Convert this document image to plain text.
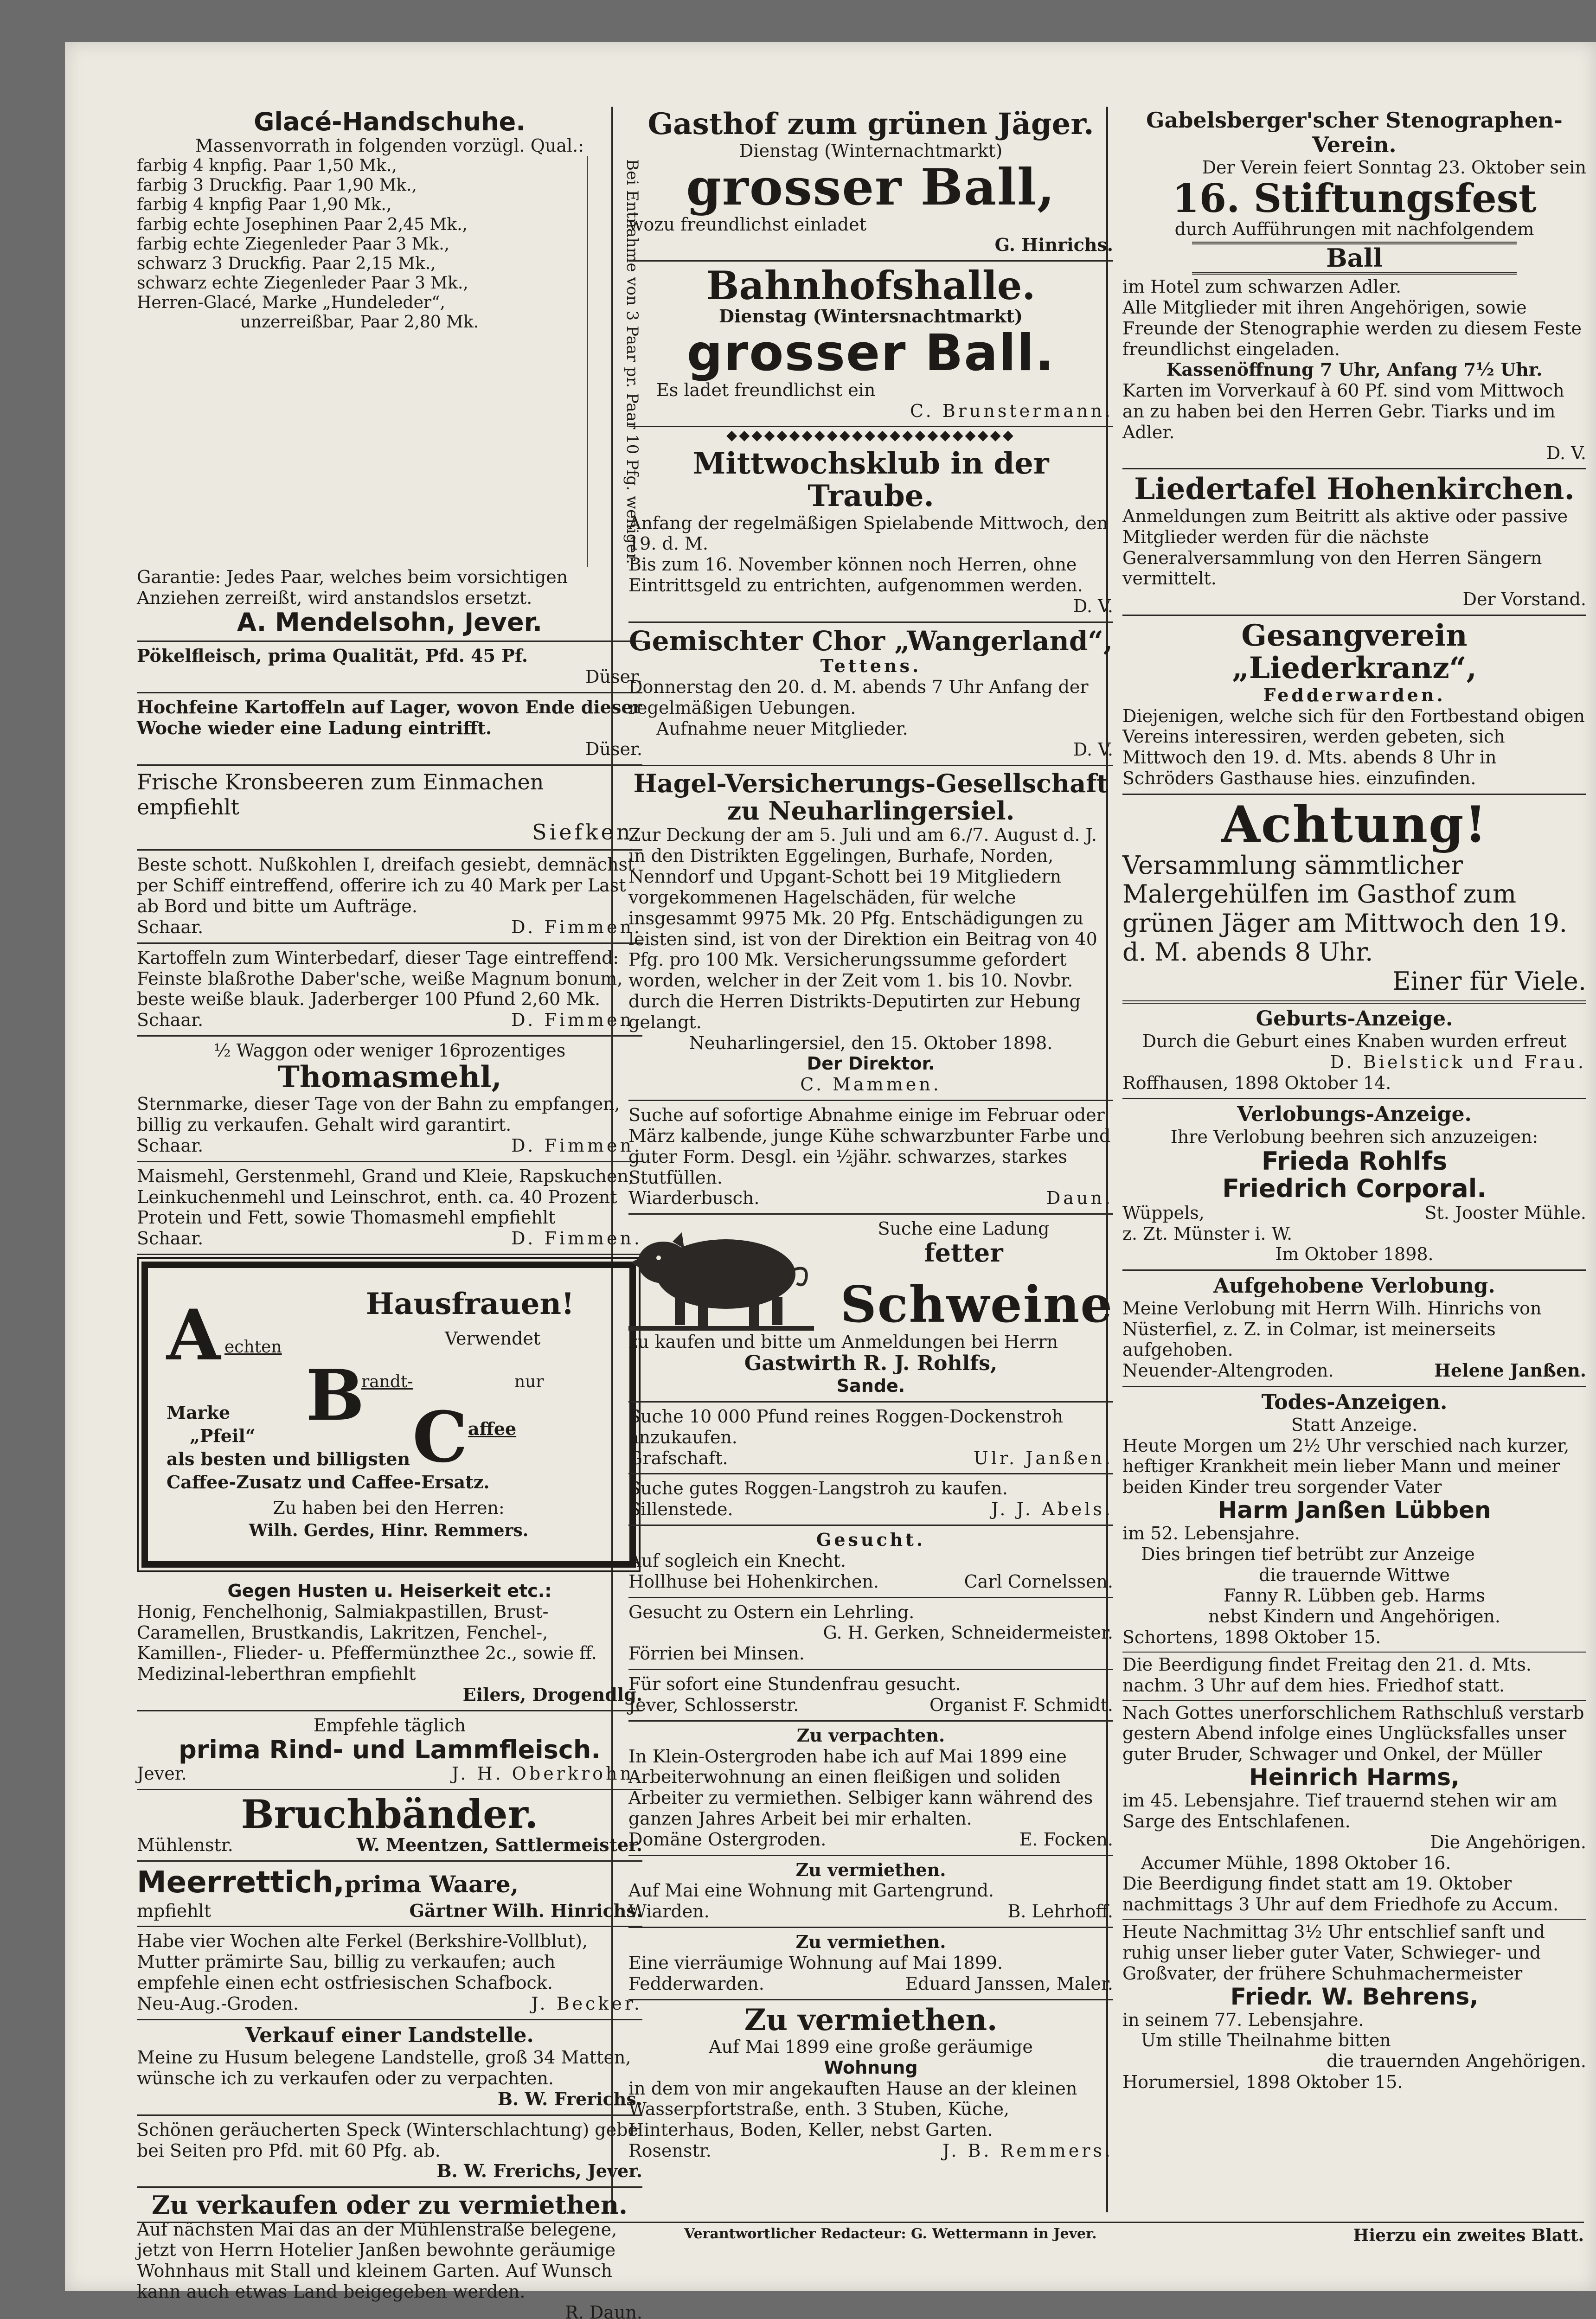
Glacé-Handschuhe.
Massenvorrath in folgenden vorzügl. Qual.:
farbig 4 knpfig. Paar 1,50 Mk.,
farbig 3 Druckfig. Paar 1,90 Mk.,
farbig 4 knpfig Paar 1,90 Mk.,
farbig echte Josephinen Paar 2,45 Mk.,
farbig echte Ziegenleder Paar 3 Mk.,
schwarz 3 Druckfig. Paar 2,15 Mk.,
schwarz echte Ziegenleder Paar 3 Mk.,
Herren-Glacé, Marke „Hundeleder“,
unzerreißbar, Paar 2,80 Mk.	Bei Entnahme von 3 Paar pr. Paar 10 Pfg. weniger.
Garantie: Jedes Paar, welches beim vorsichtigen Anziehen zerreißt, wird anstandslos ersetzt.
A. Mendelsohn, Jever.
Pökelfleisch, prima Qualität, Pfd. 45 Pf.
Düser.
Hochfeine Kartoffeln auf Lager, wovon Ende dieser Woche wieder eine Ladung eintrifft.
Düser.
Frische Kronsbeeren zum Einmachen empfiehlt
Siefken.
Beste schott. Nußkohlen I, dreifach gesiebt, demnächst per Schiff eintreffend, offerire ich zu 40 Mark per Last ab Bord und bitte um Aufträge.
Schaar.	D. Fimmen.
Kartoffeln zum Winterbedarf, dieser Tage eintreffend: Feinste blaßrothe Daber'sche, weiße Magnum bonum, beste weiße blauk. Jaderberger 100 Pfund 2,60 Mk.
Schaar.	D. Fimmen.
½ Waggon oder weniger 16prozentiges
Thomasmehl,
Sternmarke, dieser Tage von der Bahn zu empfangen, billig zu verkaufen. Gehalt wird garantirt.
Schaar.	D. Fimmen.
Maismehl, Gerstenmehl, Grand und Kleie, Rapskuchen, Leinkuchenmehl und Leinschrot, enth. ca. 40 Prozent Protein und Fett, sowie Thomasmehl empfiehlt
Schaar.	D. Fimmen.
A echten
Hausfrauen!
Verwendet
B
randt-	nur
C affee
Marke
„Pfeil“
als besten und billigsten
Caffee-Zusatz und Caffee-Ersatz.
Zu haben bei den Herren:
Wilh. Gerdes, Hinr. Remmers.
Gegen Husten u. Heiserkeit etc.:
Honig, Fenchelhonig, Salmiakpastillen, Brust-Caramellen, Brustkandis, Lakritzen, Fenchel-, Kamillen-, Flieder- u. Pfeffermünzthee 2c., sowie ff. Medizinal-leberthran empfiehlt
Eilers, Drogendlg.
Empfehle täglich
prima Rind- und Lammfleisch.
Jever.	J. H. Oberkrohn.
Bruchbänder.
Mühlenstr.	W. Meentzen, Sattlermeister.
Meerrettich,prima Waare,
mpfiehlt	Gärtner Wilh. Hinrichs.
Habe vier Wochen alte Ferkel (Berkshire-Vollblut), Mutter prämirte Sau, billig zu verkaufen; auch empfehle einen echt ostfriesischen Schafbock.
Neu-Aug.-Groden.	J. Becker.
Verkauf einer Landstelle.
Meine zu Husum belegene Landstelle, groß 34 Matten, wünsche ich zu verkaufen oder zu verpachten.
B. W. Frerichs.
Schönen geräucherten Speck (Winterschlachtung) gebe bei Seiten pro Pfd. mit 60 Pfg. ab.
B. W. Frerichs, Jever.
Zu verkaufen oder zu vermiethen.
Auf nächsten Mai das an der Mühlenstraße belegene, jetzt von Herrn Hotelier Janßen bewohnte geräumige Wohnhaus mit Stall und kleinem Garten. Auf Wunsch kann auch etwas Land beigegeben werden.
R. Daun.
Gasthof zum grünen Jäger.
Dienstag (Winternachtmarkt)
grosser Ball,
wozu freundlichst einladet
G. Hinrichs.
Bahnhofshalle.
Dienstag (Wintersnachtmarkt)
grosser Ball.
Es ladet freundlichst ein
C. Brunstermann.
◆◆◆◆◆◆◆◆◆◆◆◆◆◆◆◆◆◆◆◆◆◆◆
Mittwochsklub in der Traube.
Anfang der regelmäßigen Spielabende Mittwoch, den 19. d. M.
Bis zum 16. November können noch Herren, ohne Eintrittsgeld zu entrichten, aufgenommen werden.
D. V.
Gemischter Chor „Wangerland“,
Tettens.
Donnerstag den 20. d. M. abends 7 Uhr Anfang der regelmäßigen Uebungen.
Aufnahme neuer Mitglieder.
D. V.
Hagel-Versicherungs-Gesellschaft zu Neuharlingersiel.
Zur Deckung der am 5. Juli und am 6./7. August d. J. in den Distrikten Eggelingen, Burhafe, Norden, Nenndorf und Upgant-Schott bei 19 Mitgliedern vorgekommenen Hagelschäden, für welche insgesammt 9975 Mk. 20 Pfg. Entschädigungen zu leisten sind, ist von der Direktion ein Beitrag von 40 Pfg. pro 100 Mk. Versicherungssumme gefordert worden, welcher in der Zeit vom 1. bis 10. Novbr. durch die Herren Distrikts-Deputirten zur Hebung gelangt.
Neuharlingersiel, den 15. Oktober 1898.
Der Direktor.
C. Mammen.
Suche auf sofortige Abnahme einige im Februar oder März kalbende, junge Kühe schwarzbunter Farbe und guter Form. Desgl. ein ½jähr. schwarzes, starkes Stutfüllen.
Wiarderbusch.	Daun.
Suche eine Ladung
fetter
Schweine
zu kaufen und bitte um Anmeldungen bei Herrn
Gastwirth R. J. Rohlfs,
Sande.
Suche 10 000 Pfund reines Roggen-Dockenstroh anzukaufen.
Grafschaft.	Ulr. Janßen.
Suche gutes Roggen-Langstroh zu kaufen.
Sillenstede.	J. J. Abels.
Gesucht.
Auf sogleich ein Knecht.
Hollhuse bei Hohenkirchen.	Carl Cornelssen.
Gesucht zu Ostern ein Lehrling.
G. H. Gerken, Schneidermeister.
Förrien bei Minsen.
Für sofort eine Stundenfrau gesucht.
Jever, Schlosserstr.	Organist F. Schmidt.
Zu verpachten.
In Klein-Ostergroden habe ich auf Mai 1899 eine Arbeiterwohnung an einen fleißigen und soliden Arbeiter zu vermiethen. Selbiger kann während des ganzen Jahres Arbeit bei mir erhalten.
Domäne Ostergroden.	E. Focken.
Zu vermiethen.
Auf Mai eine Wohnung mit Gartengrund.
Wiarden.	B. Lehrhoff.
Zu vermiethen.
Eine vierräumige Wohnung auf Mai 1899.
Fedderwarden.	Eduard Janssen, Maler.
Zu vermiethen.
Auf Mai 1899 eine große geräumige
Wohnung
in dem von mir angekauften Hause an der kleinen Wasserpfortstraße, enth. 3 Stuben, Küche, Hinterhaus, Boden, Keller, nebst Garten.
Rosenstr.	J. B. Remmers.
Gabelsberger'scher Stenographen-Verein.
Der Verein feiert Sonntag 23. Oktober sein
16. Stiftungsfest
durch Aufführungen mit nachfolgendem
Ball
im Hotel zum schwarzen Adler.
Alle Mitglieder mit ihren Angehörigen, sowie Freunde der Stenographie werden zu diesem Feste freundlichst eingeladen.
Kassenöffnung 7 Uhr, Anfang 7½ Uhr.
Karten im Vorverkauf à 60 Pf. sind vom Mittwoch an zu haben bei den Herren Gebr. Tiarks und im Adler.
D. V.
Liedertafel Hohenkirchen.
Anmeldungen zum Beitritt als aktive oder passive Mitglieder werden für die nächste Generalversammlung von den Herren Sängern vermittelt.
Der Vorstand.
Gesangverein „Liederkranz“,
Fedderwarden.
Diejenigen, welche sich für den Fortbestand obigen Vereins interessiren, werden gebeten, sich Mittwoch den 19. d. Mts. abends 8 Uhr in Schröders Gasthause hies. einzufinden.
Achtung!
Versammlung sämmtlicher Malergehülfen im Gasthof zum grünen Jäger am Mittwoch den 19. d. M. abends 8 Uhr.
Einer für Viele.
Geburts-Anzeige.
Durch die Geburt eines Knaben wurden erfreut
D. Bielstick und Frau.
Roffhausen, 1898 Oktober 14.
Verlobungs-Anzeige.
Ihre Verlobung beehren sich anzuzeigen:
Frieda Rohlfs
Friedrich Corporal.
Wüppels,	St. Jooster Mühle.
z. Zt. Münster i. W.
Im Oktober 1898.
Aufgehobene Verlobung.
Meine Verlobung mit Herrn Wilh. Hinrichs von Nüsterfiel, z. Z. in Colmar, ist meinerseits aufgehoben.
Neuender-Altengroden.	Helene Janßen.
Todes-Anzeigen.
Statt Anzeige.
Heute Morgen um 2½ Uhr verschied nach kurzer, heftiger Krankheit mein lieber Mann und meiner beiden Kinder treu sorgender Vater
Harm Janßen Lübben
im 52. Lebensjahre.
Dies bringen tief betrübt zur Anzeige
die trauernde Wittwe
Fanny R. Lübben geb. Harms
nebst Kindern und Angehörigen.
Schortens, 1898 Oktober 15.
Die Beerdigung findet Freitag den 21. d. Mts. nachm. 3 Uhr auf dem hies. Friedhof statt.
Nach Gottes unerforschlichem Rathschluß verstarb gestern Abend infolge eines Unglücksfalles unser guter Bruder, Schwager und Onkel, der Müller
Heinrich Harms,
im 45. Lebensjahre. Tief trauernd stehen wir am Sarge des Entschlafenen.
Die Angehörigen.
Accumer Mühle, 1898 Oktober 16.
Die Beerdigung findet statt am 19. Oktober nachmittags 3 Uhr auf dem Friedhofe zu Accum.
Heute Nachmittag 3½ Uhr entschlief sanft und ruhig unser lieber guter Vater, Schwieger- und Großvater, der frühere Schuhmachermeister
Friedr. W. Behrens,
in seinem 77. Lebensjahre.
Um stille Theilnahme bitten
die trauernden Angehörigen.
Horumersiel, 1898 Oktober 15.
Verantwortlicher Redacteur: G. Wettermann in Jever.	Hierzu ein zweites Blatt.
